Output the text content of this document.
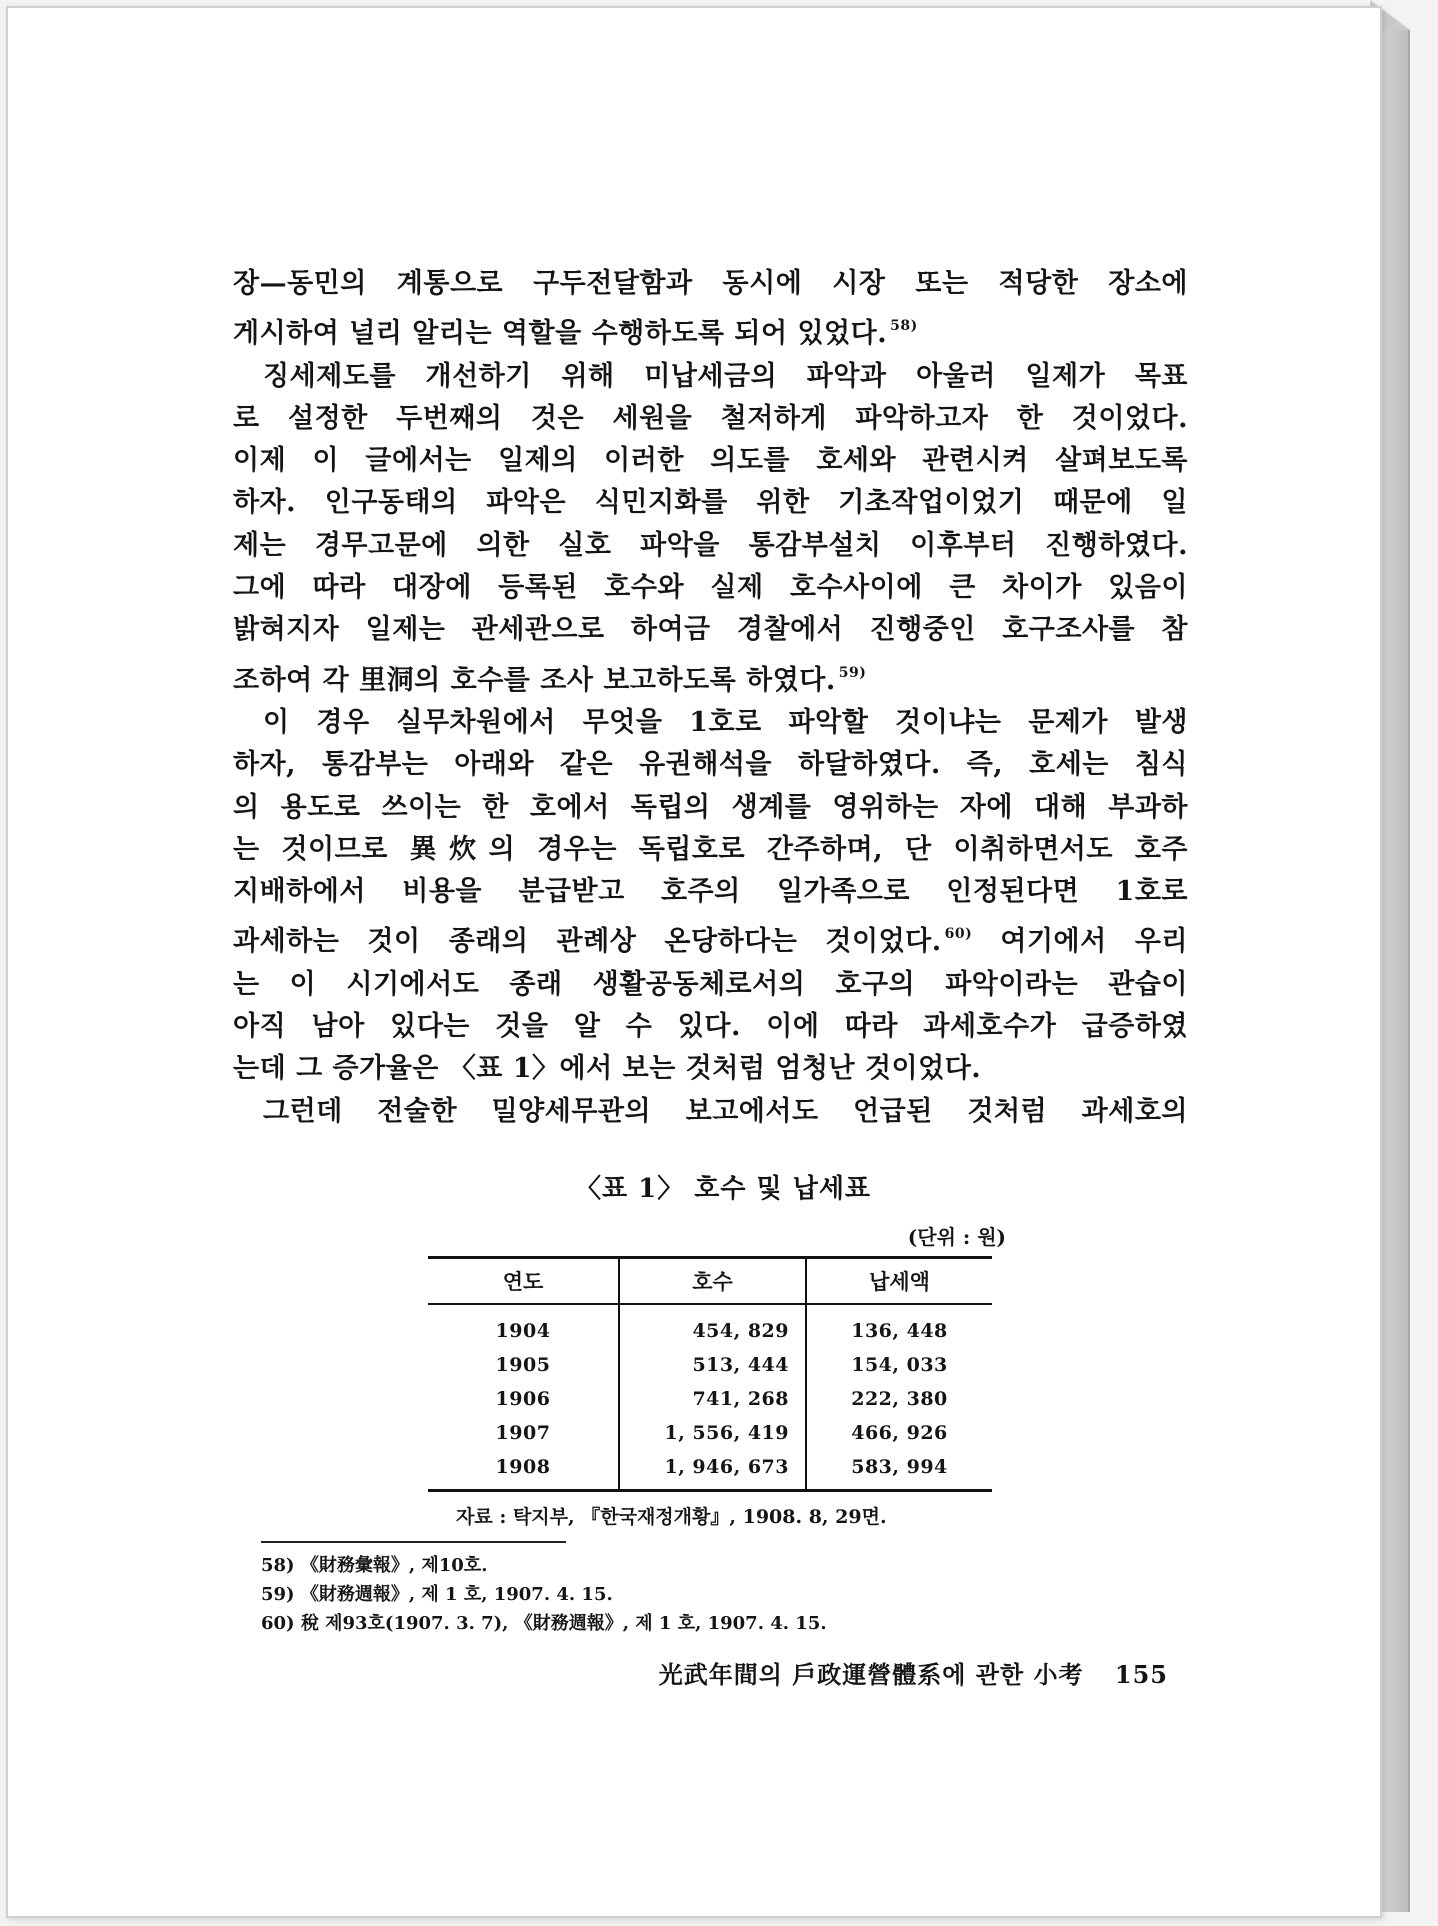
장—동민의 계통으로 구두전달함과 동시에 시장 또는 적당한 장소에

게시하여 널리 알리는 역할을 수행하도록 되어 있었다. $^{58)}$

징세제도를 개선하기 위해 미납세금의 파악과 아울러 일제가 목표

로 설정한 두번째의 것은 세원을 철저하게 파악하고자 한 것이었다.

이제 이 글에서는 일제의 이러한 의도를 호세와 관련시켜 살펴보도록

하자. 인구동태의 파악은 식민지화를 위한 기초작업이었기 때문에 일

제는 경무고문에 의한 실호 파악을 통감부설치 이후부터 진행하였다.

그에 따라 대장에 등록된 호수와 실제 호수사이에 큰 차이가 있음이

밝혀지자 일제는 관세관으로 하여금 경찰에서 진행중인 호구조사를 참

조하여 각 里洞의 호수를 조사 보고하도록 하였다. $^{59)}$

이 경우 실무차원에서 무엇을 1호로 파악할 것이냐는 문제가 발생

하자, 통감부는 아래와 같은 유권해석을 하달하였다. 즉, 호세는 침식

의 용도로 쓰이는 한 호에서 독립의 생계를 영위하는 자에 대해 부과하

는 것이므로 異炊의 경우는 독립호로 간주하며, 단 이취하면서도 호주

지배하에서 비용을 분급받고 호주의 일가족으로 인정된다면 1호로

과세하는 것이 종래의 관례상 온당하다는 것이었다. $^{60)}$ 여기에서 우리

는 이 시기에서도 종래 생활공동체로서의 호구의 파악이라는 관습이

아직 남아 있다는 것을 알 수 있다. 이에 따라 과세호수가 급증하였

는데 그 증가율은 〈표 1〉에서 보는 것처럼 엄청난 것이었다.

그런데 전술한 밀양세무관의 보고에서도 언급된 것처럼 과세호의

〈표 1〉 호수 및 납세표
(단위 : 원)
연도	호수	납세액
1904	454, 829	136, 448
1905	513, 444	154, 033
1906	741, 268	222, 380
1907	1, 556, 419	466, 926
1908	1, 946, 673	583, 994
자료 : 탁지부, 『한국재정개황』, 1908. 8, 29면.
58) 《財務彙報》, 제10호.
59) 《財務週報》, 제 1 호, 1907. 4. 15.
60) 稅 제93호(1907. 3. 7), 《財務週報》, 제 1 호, 1907. 4. 15.
光武年間의 戶政運營體系에 관한 小考 155
